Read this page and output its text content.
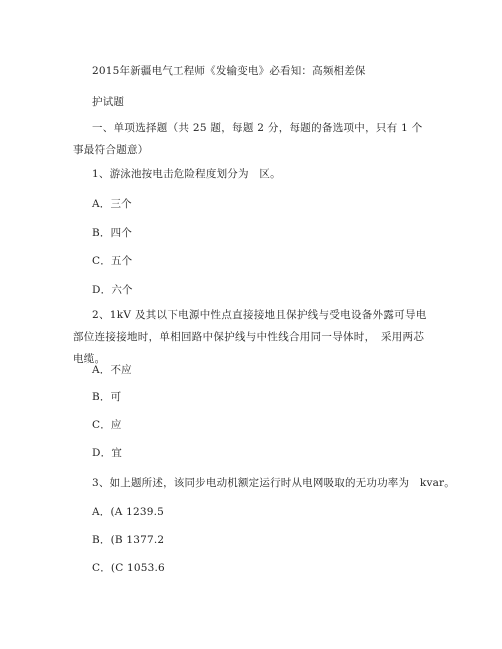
2015年新疆电气工程师《发输变电》必看知：高频相差保
护试题
一、单项选择题（共 25 题，每题 2 分，每题的备选项中，只有 1 个事最符合题意）
1、游泳池按电击危险程度划分为　区。
A．三个
B．四个
C．五个
D．六个
2、1kV 及其以下电源中性点直接接地且保护线与受电设备外露可导电部位连接接地时，单相回路中保护线与中性线合用同一导体时，　采用两芯电缆。
A．不应
B．可
C．应
D．宜
3、如上题所述，该同步电动机额定运行时从电网吸取的无功功率为　kvar。
A．(A 1239.5
B．(B 1377.2
C．(C 1053.6
